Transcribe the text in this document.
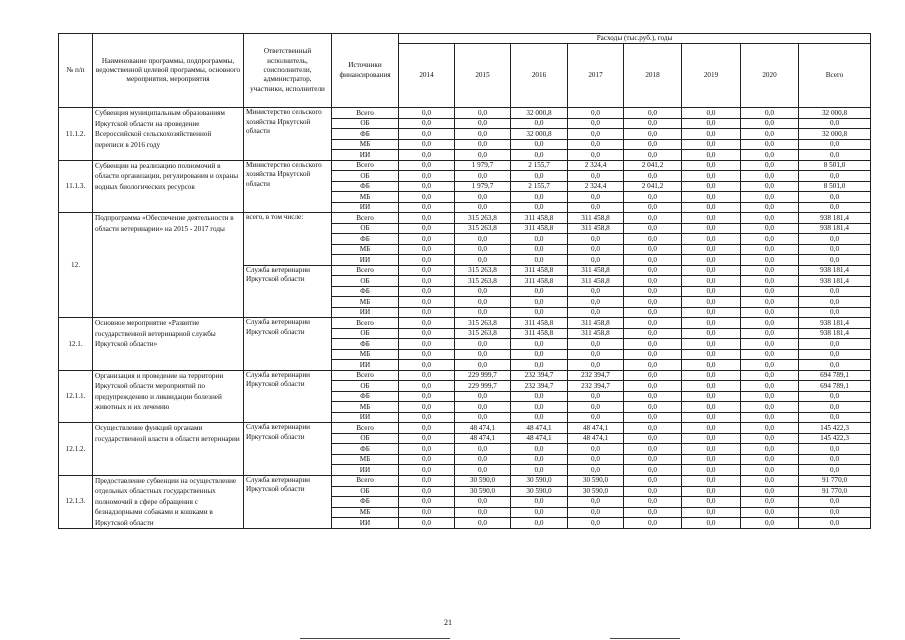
№ п/п	Наименование программы, подпрограммы, ведомственной целевой программы, основного мероприятия, мероприятия	Ответственный исполнитель, соисполнители, администратор, участники, исполнители	Источники финансирования	Расходы (тыс.руб.), годы							
				2014	2015	2016	2017	2018	2019	2020	Всего
11.1.2.	Субвенция муниципальным образованиям Иркутской области на проведение Всероссийской сельскохозяйственной переписи в 2016 году	Министерство сельского хозяйства Иркутской области	Всего	0,0	0,0	32 000,8	0,0	0,0	0,0	0,0	32 000,8
			ОБ	0,0	0,0	0,0	0,0	0,0	0,0	0,0	0,0
			ФБ	0,0	0,0	32 000,8	0,0	0,0	0,0	0,0	32 000,8
			МБ	0,0	0,0	0,0	0,0	0,0	0,0	0,0	0,0
			ИИ	0,0	0,0	0,0	0,0	0,0	0,0	0,0	0,0
11.1.3.	Субвенции на реализацию полномочий в области организации, регулирования и охраны водных биологических ресурсов	Министерство сельского хозяйства Иркутской области	Всего	0,0	1 979,7	2 155,7	2 324,4	2 041,2	0,0	0,0	8 501,0
			ОБ	0,0	0,0	0,0	0,0	0,0	0,0	0,0	0,0
			ФБ	0,0	1 979,7	2 155,7	2 324,4	2 041,2	0,0	0,0	8 501,0
			МБ	0,0	0,0	0,0	0,0	0,0	0,0	0,0	0,0
			ИИ	0,0	0,0	0,0	0,0	0,0	0,0	0,0	0,0
12.	Подпрограмма «Обеспечение деятельности в области ветеринарии» на 2015 - 2017 годы	всего, в том числе:	Всего	0,0	315 263,8	311 458,8	311 458,8	0,0	0,0	0,0	938 181,4
			ОБ	0,0	315 263,8	311 458,8	311 458,8	0,0	0,0	0,0	938 181,4
			ФБ	0,0	0,0	0,0	0,0	0,0	0,0	0,0	0,0
			МБ	0,0	0,0	0,0	0,0	0,0	0,0	0,0	0,0
			ИИ	0,0	0,0	0,0	0,0	0,0	0,0	0,0	0,0
		Служба ветеринарии Иркутской области	Всего	0,0	315 263,8	311 458,8	311 458,8	0,0	0,0	0,0	938 181,4
			ОБ	0,0	315 263,8	311 458,8	311 458,8	0,0	0,0	0,0	938 181,4
			ФБ	0,0	0,0	0,0	0,0	0,0	0,0	0,0	0,0
			МБ	0,0	0,0	0,0	0,0	0,0	0,0	0,0	0,0
			ИИ	0,0	0,0	0,0	0,0	0,0	0,0	0,0	0,0
12.1.	Основное мероприятие «Развитие государственной ветеринарной службы Иркутской области»	Служба ветеринарии Иркутской области	Всего	0,0	315 263,8	311 458,8	311 458,8	0,0	0,0	0,0	938 181,4
			ОБ	0,0	315 263,8	311 458,8	311 458,8	0,0	0,0	0,0	938 181,4
			ФБ	0,0	0,0	0,0	0,0	0,0	0,0	0,0	0,0
			МБ	0,0	0,0	0,0	0,0	0,0	0,0	0,0	0,0
			ИИ	0,0	0,0	0,0	0,0	0,0	0,0	0,0	0,0
12.1.1.	Организация и проведение на территории Иркутской области мероприятий по предупреждению и ликвидации болезней животных и их лечению	Служба ветеринарии Иркутской области	Всего	0,0	229 999,7	232 394,7	232 394,7	0,0	0,0	0,0	694 789,1
			ОБ	0,0	229 999,7	232 394,7	232 394,7	0,0	0,0	0,0	694 789,1
			ФБ	0,0	0,0	0,0	0,0	0,0	0,0	0,0	0,0
			МБ	0,0	0,0	0,0	0,0	0,0	0,0	0,0	0,0
			ИИ	0,0	0,0	0,0	0,0	0,0	0,0	0,0	0,0
12.1.2.	Осуществление функций органами государственной власти в области ветеринарии	Служба ветеринарии Иркутской области	Всего	0,0	48 474,1	48 474,1	48 474,1	0,0	0,0	0,0	145 422,3
			ОБ	0,0	48 474,1	48 474,1	48 474,1	0,0	0,0	0,0	145 422,3
			ФБ	0,0	0,0	0,0	0,0	0,0	0,0	0,0	0,0
			МБ	0,0	0,0	0,0	0,0	0,0	0,0	0,0	0,0
			ИИ	0,0	0,0	0,0	0,0	0,0	0,0	0,0	0,0
12.1.3.	Предоставление субвенции на осуществление отдельных областных государственных полномочий в сфере обращения с безнадзорными собаками и кошками в Иркутской области	Служба ветеринарии Иркутской области	Всего	0,0	30 590,0	30 590,0	30 590,0	0,0	0,0	0,0	91 770,0
			ОБ	0,0	30 590,0	30 590,0	30 590,0	0,0	0,0	0,0	91 770,0
			ФБ	0,0	0,0	0,0	0,0	0,0	0,0	0,0	0,0
			МБ	0,0	0,0	0,0	0,0	0,0	0,0	0,0	0,0
			ИИ	0,0	0,0	0,0	0,0	0,0	0,0	0,0	0,0
21
